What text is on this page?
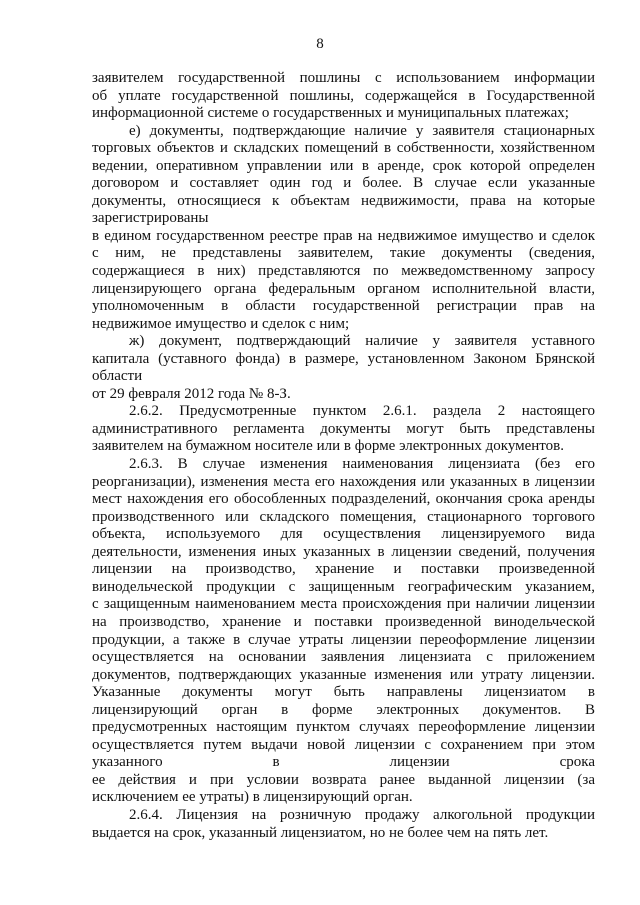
8
заявителем государственной пошлины с использованием информации
об уплате государственной пошлины, содержащейся в Государственной
информационной системе о государственных и муниципальных платежах;
е) документы, подтверждающие наличие у заявителя стационарных
торговых объектов и складских помещений в собственности, хозяйственном
ведении, оперативном управлении или в аренде, срок которой определен
договором и составляет один год и более. В случае если указанные
документы, относящиеся к объектам недвижимости, права на которые
зарегистрированы
в едином государственном реестре прав на недвижимое имущество и сделок
с ним, не представлены заявителем, такие документы (сведения,
содержащиеся в них) представляются по межведомственному запросу
лицензирующего органа федеральным органом исполнительной власти,
уполномоченным в области государственной регистрации прав на
недвижимое имущество и сделок с ним;
ж) документ, подтверждающий наличие у заявителя уставного
капитала (уставного фонда) в размере, установленном Законом Брянской
области
от 29 февраля 2012 года № 8-З.
2.6.2. Предусмотренные пунктом 2.6.1. раздела 2 настоящего
административного регламента документы могут быть представлены
заявителем на бумажном носителе или в форме электронных документов.
2.6.3. В случае изменения наименования лицензиата (без его
реорганизации), изменения места его нахождения или указанных в лицензии
мест нахождения его обособленных подразделений, окончания срока аренды
производственного или складского помещения, стационарного торгового
объекта, используемого для осуществления лицензируемого вида
деятельности, изменения иных указанных в лицензии сведений, получения
лицензии на производство, хранение и поставки произведенной
винодельческой продукции с защищенным географическим указанием,
с защищенным наименованием места происхождения при наличии лицензии
на производство, хранение и поставки произведенной винодельческой
продукции, а также в случае утраты лицензии переоформление лицензии
осуществляется на основании заявления лицензиата с приложением
документов, подтверждающих указанные изменения или утрату лицензии.
Указанные документы могут быть направлены лицензиатом в
лицензирующий орган в форме электронных документов. В
предусмотренных настоящим пунктом случаях переоформление лицензии
осуществляется путем выдачи новой лицензии с сохранением при этом
указанного в лицензии срока
ее действия и при условии возврата ранее выданной лицензии (за
исключением ее утраты) в лицензирующий орган.
2.6.4. Лицензия на розничную продажу алкогольной продукции
выдается на срок, указанный лицензиатом, но не более чем на пять лет.
